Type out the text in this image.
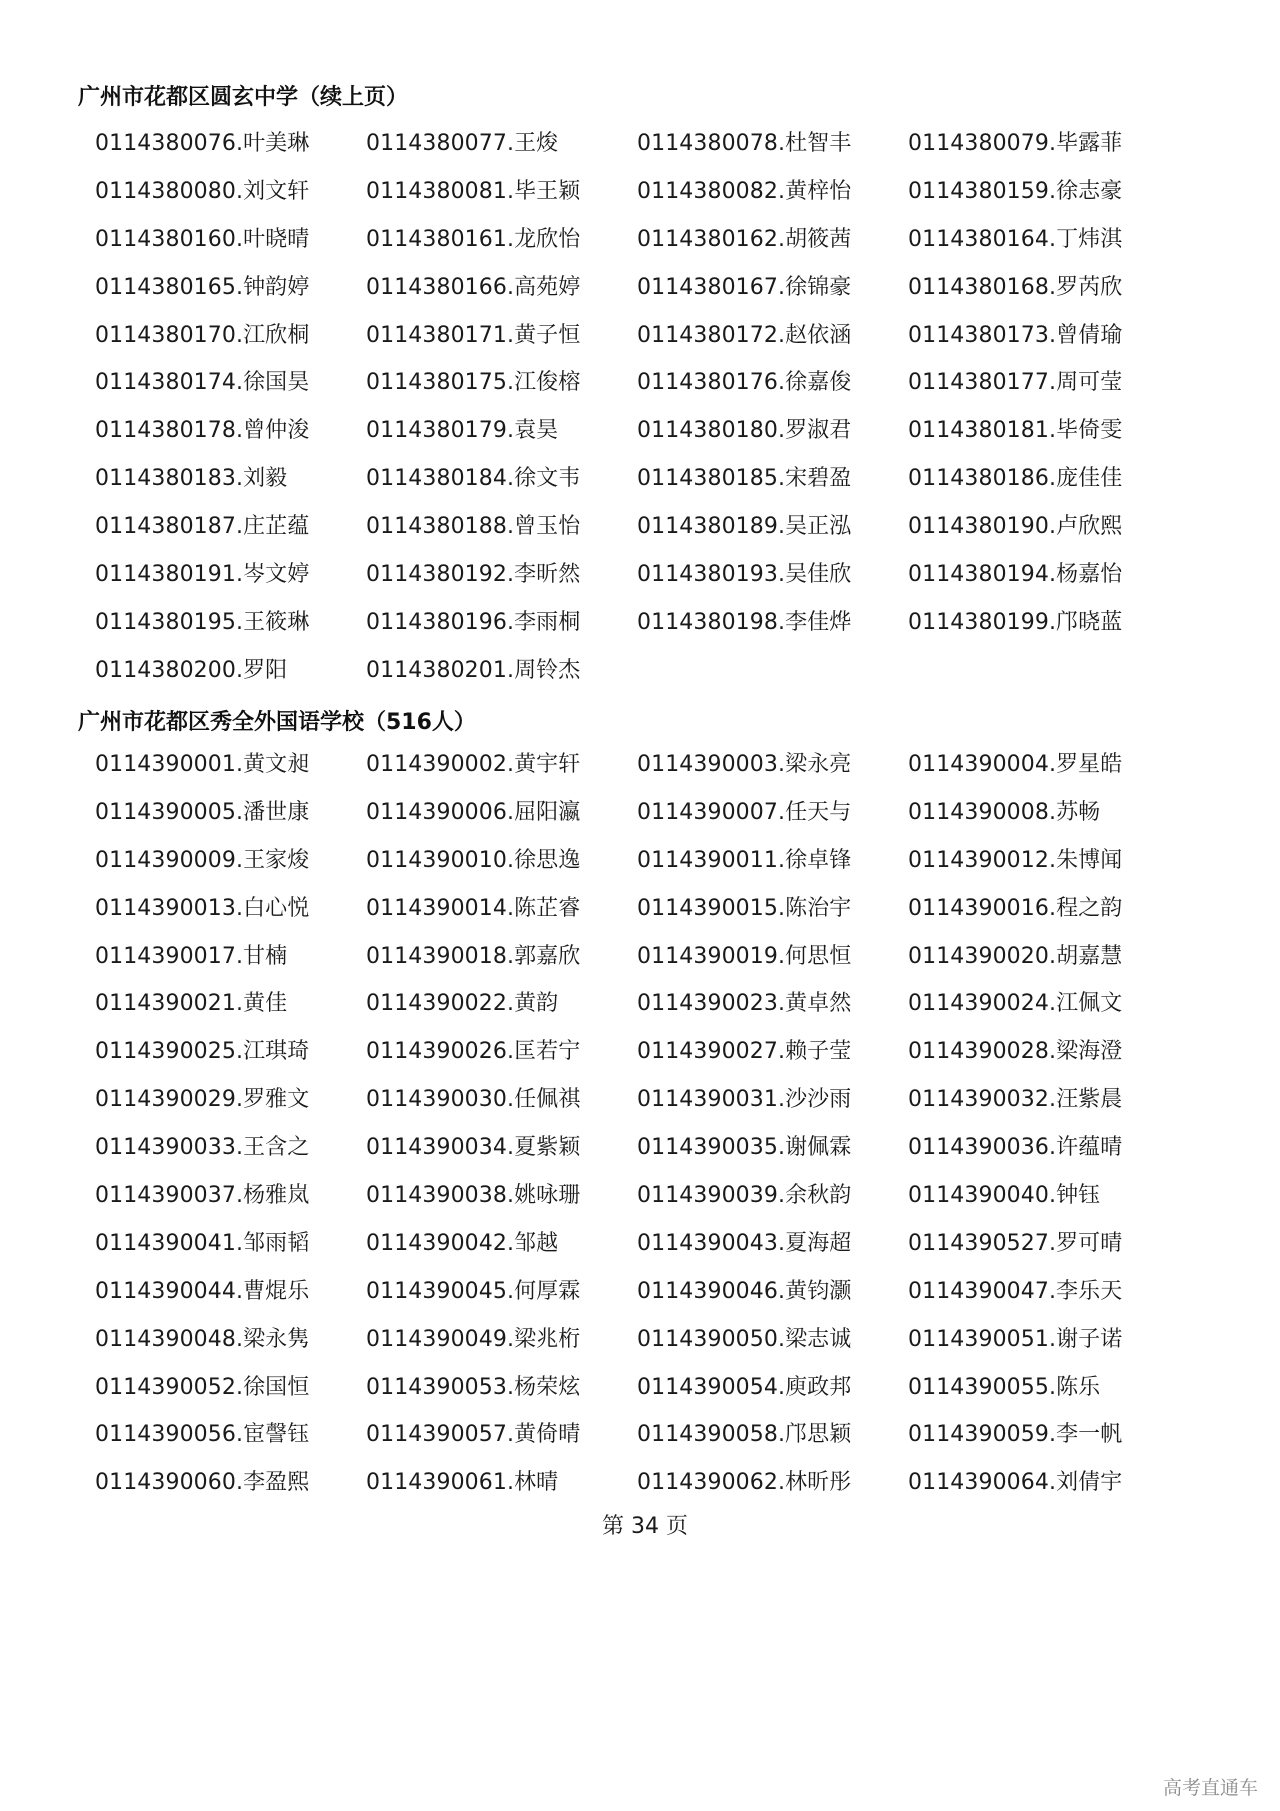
广州市花都区圆玄中学（续上页）
0114380076.叶美琳	0114380077.王焌	0114380078.杜智丰	0114380079.毕露菲
0114380080.刘文轩	0114380081.毕王颖	0114380082.黄梓怡	0114380159.徐志豪
0114380160.叶晓晴	0114380161.龙欣怡	0114380162.胡筱茜	0114380164.丁炜淇
0114380165.钟韵婷	0114380166.高苑婷	0114380167.徐锦豪	0114380168.罗芮欣
0114380170.江欣桐	0114380171.黄子恒	0114380172.赵依涵	0114380173.曾倩瑜
0114380174.徐国昊	0114380175.江俊榕	0114380176.徐嘉俊	0114380177.周可莹
0114380178.曾仲浚	0114380179.袁昊	0114380180.罗淑君	0114380181.毕倚雯
0114380183.刘毅	0114380184.徐文韦	0114380185.宋碧盈	0114380186.庞佳佳
0114380187.庄芷蕴	0114380188.曾玉怡	0114380189.吴正泓	0114380190.卢欣熙
0114380191.岑文婷	0114380192.李昕然	0114380193.吴佳欣	0114380194.杨嘉怡
0114380195.王筱琳	0114380196.李雨桐	0114380198.李佳烨	0114380199.邝晓蓝
0114380200.罗阳	0114380201.周铃杰
广州市花都区秀全外国语学校（516人）
0114390001.黄文昶	0114390002.黄宇轩	0114390003.梁永亮	0114390004.罗星皓
0114390005.潘世康	0114390006.屈阳瀛	0114390007.任天与	0114390008.苏畅
0114390009.王家焌	0114390010.徐思逸	0114390011.徐卓锋	0114390012.朱博闻
0114390013.白心悦	0114390014.陈芷睿	0114390015.陈治宇	0114390016.程之韵
0114390017.甘楠	0114390018.郭嘉欣	0114390019.何思恒	0114390020.胡嘉慧
0114390021.黄佳	0114390022.黄韵	0114390023.黄卓然	0114390024.江佩文
0114390025.江琪琦	0114390026.匡若宁	0114390027.赖子莹	0114390028.梁海澄
0114390029.罗雅文	0114390030.任佩祺	0114390031.沙沙雨	0114390032.汪紫晨
0114390033.王含之	0114390034.夏紫颖	0114390035.谢佩霖	0114390036.许蕴晴
0114390037.杨雅岚	0114390038.姚咏珊	0114390039.余秋韵	0114390040.钟钰
0114390041.邹雨韬	0114390042.邹越	0114390043.夏海超	0114390527.罗可晴
0114390044.曹焜乐	0114390045.何厚霖	0114390046.黄钧灏	0114390047.李乐天
0114390048.梁永隽	0114390049.梁兆桁	0114390050.梁志诚	0114390051.谢子诺
0114390052.徐国恒	0114390053.杨荣炫	0114390054.庾政邦	0114390055.陈乐
0114390056.宦謦钰	0114390057.黄倚晴	0114390058.邝思颖	0114390059.李一帆
0114390060.李盈熙	0114390061.林晴	0114390062.林昕彤	0114390064.刘倩宇
第 34 页
高考直通车
